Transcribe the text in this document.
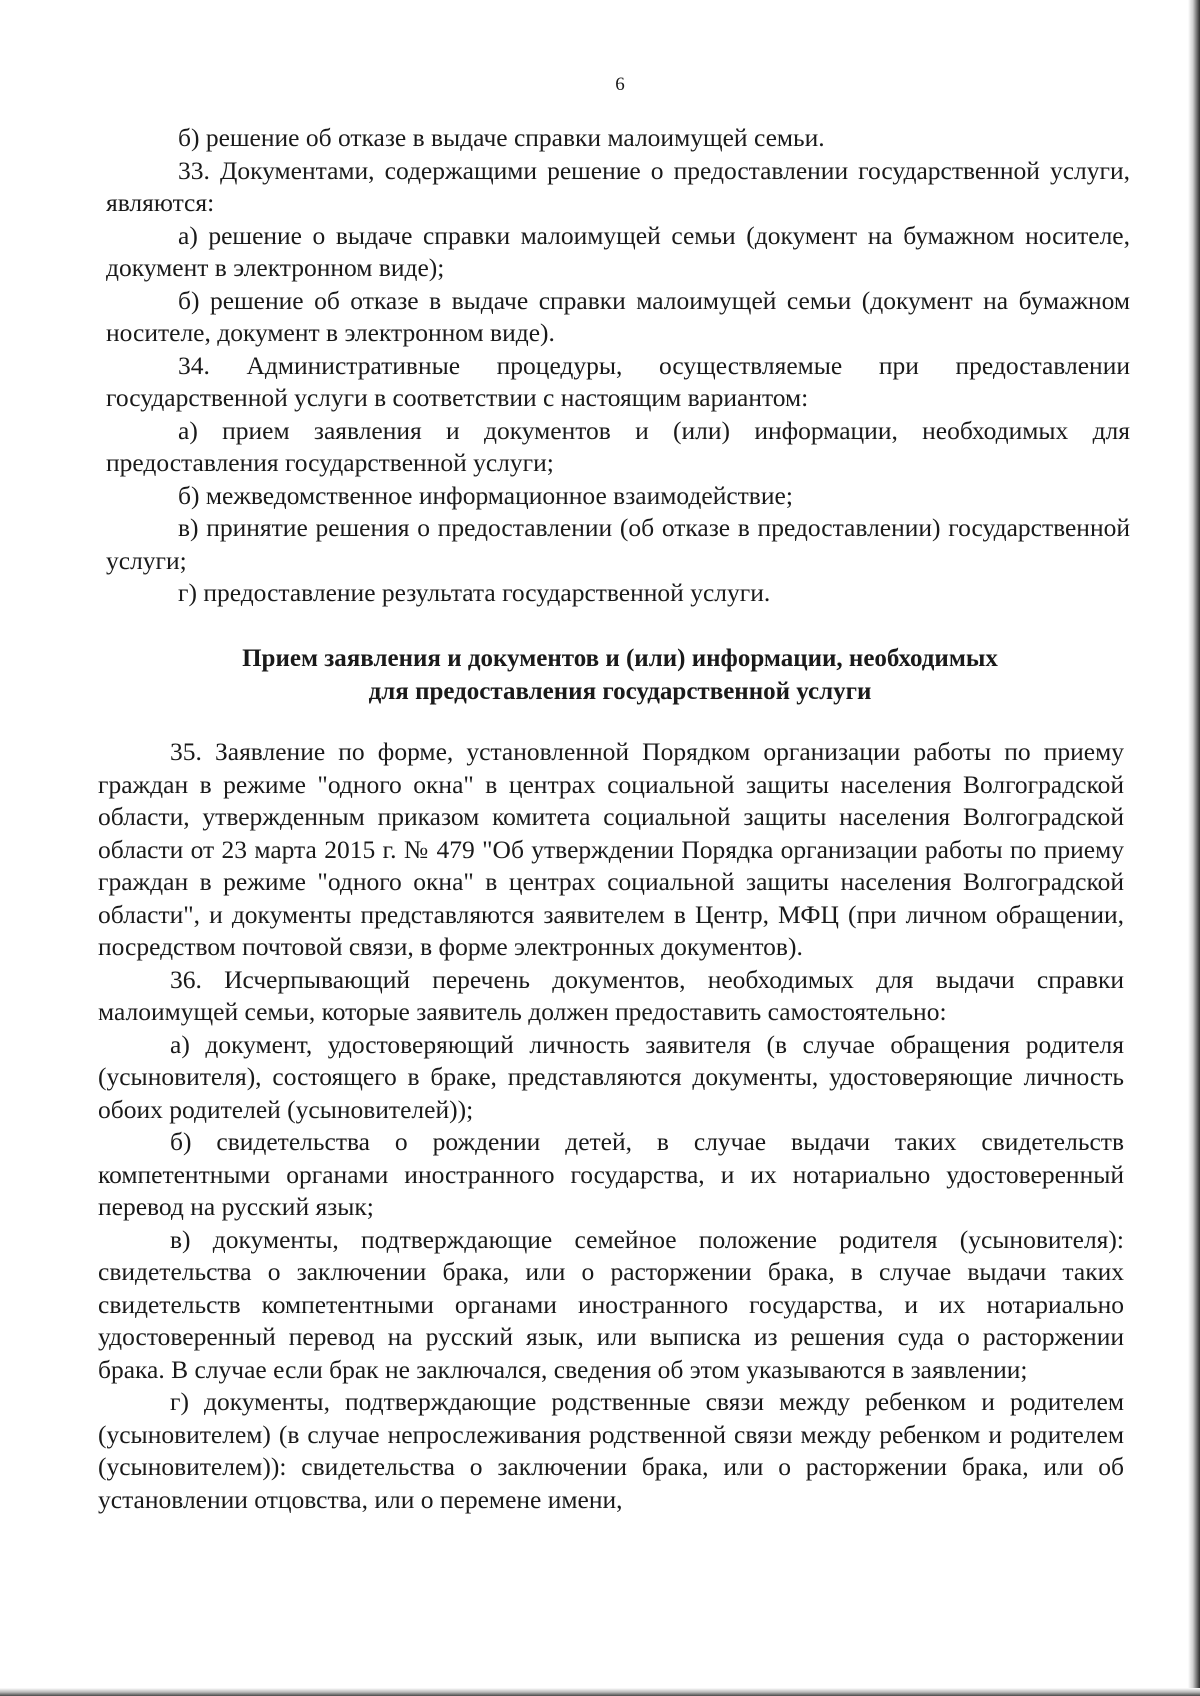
6

б) решение об отказе в выдаче справки малоимущей семьи.

33. Документами, содержащими решение о предоставлении государственной услуги, являются:

а) решение о выдаче справки малоимущей семьи (документ на бумажном носителе, документ в электронном виде);

б) решение об отказе в выдаче справки малоимущей семьи (документ на бумажном носителе, документ в электронном виде).

34. Административные процедуры, осуществляемые при предоставлении государственной услуги в соответствии с настоящим вариантом:

а) прием заявления и документов и (или) информации, необходимых для предоставления государственной услуги;

б) межведомственное информационное взаимодействие;

в) принятие решения о предоставлении (об отказе в предоставлении) государственной услуги;

г) предоставление результата государственной услуги.

Прием заявления и документов и (или) информации, необходимых
для предоставления государственной услуги

35. Заявление по форме, установленной Порядком организации работы по приему граждан в режиме "одного окна" в центрах социальной защиты населения Волгоградской области, утвержденным приказом комитета социальной защиты населения Волгоградской области от 23 марта 2015 г. № 479 "Об утверждении Порядка организации работы по приему граждан в режиме "одного окна" в центрах социальной защиты населения Волгоградской области", и документы представляются заявителем в Центр, МФЦ (при личном обращении, посредством почтовой связи, в форме электронных документов).

36. Исчерпывающий перечень документов, необходимых для выдачи справки малоимущей семьи, которые заявитель должен предоставить самостоятельно:

а) документ, удостоверяющий личность заявителя (в случае обращения родителя (усыновителя), состоящего в браке, представляются документы, удостоверяющие личность обоих родителей (усыновителей));

б) свидетельства о рождении детей, в случае выдачи таких свидетельств компетентными органами иностранного государства, и их нотариально удостоверенный перевод на русский язык;

в) документы, подтверждающие семейное положение родителя (усыновителя): свидетельства о заключении брака, или о расторжении брака, в случае выдачи таких свидетельств компетентными органами иностранного государства, и их нотариально удостоверенный перевод на русский язык, или выписка из решения суда о расторжении брака. В случае если брак не заключался, сведения об этом указываются в заявлении;

г) документы, подтверждающие родственные связи между ребенком и родителем (усыновителем) (в случае непрослеживания родственной связи между ребенком и родителем (усыновителем)): свидетельства о заключении брака, или о расторжении брака, или об установлении отцовства, или о перемене имени,
